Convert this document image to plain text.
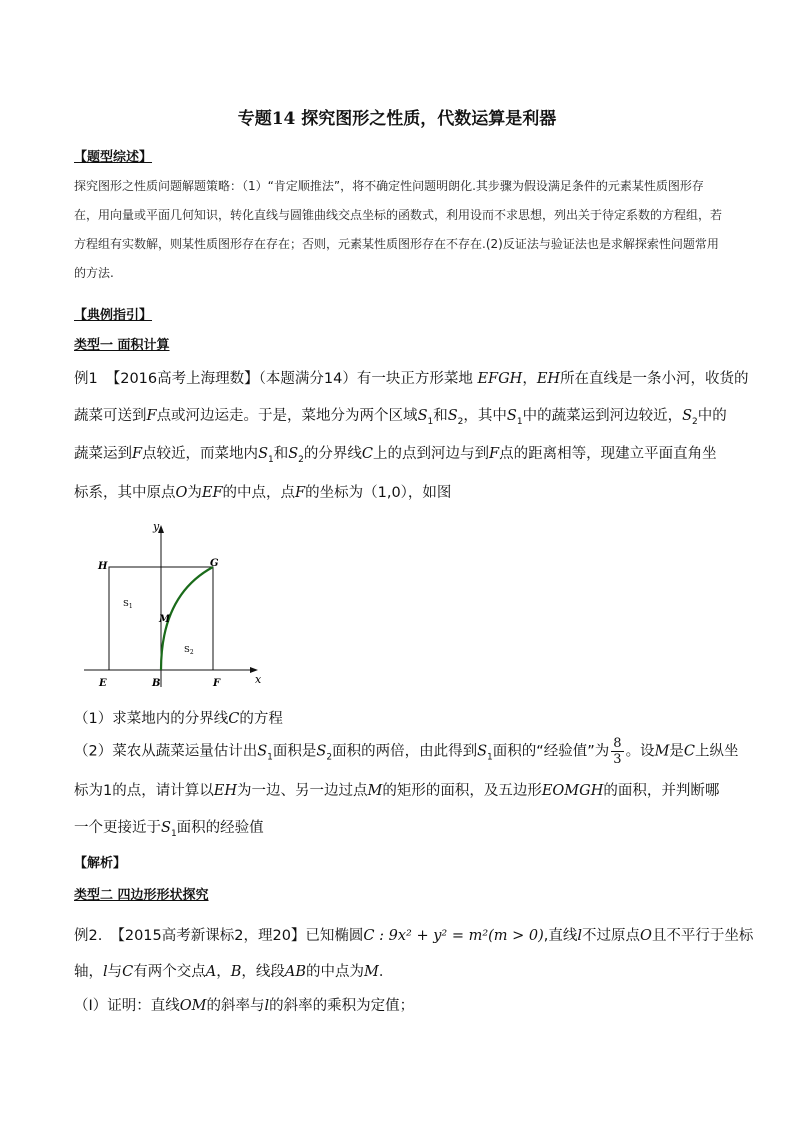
专题14 探究图形之性质，代数运算是利器
【题型综述】
探究图形之性质问题解题策略：（1）“肯定顺推法”，将不确定性问题明朗化.其步骤为假设满足条件的元素某性质图形存在，用向量或平面几何知识，转化直线与圆锥曲线交点坐标的函数式，利用设而不求思想，列出关于待定系数的方程组，若方程组有实数解，则某性质图形存在存在；否则，元素某性质图形存在不存在.(2)反证法与验证法也是求解探索性问题常用的方法.
【典例指引】
类型一 面积计算
例1 【2016高考上海理数】（本题满分14）有一块正方形菜地 EFGH，EH所在直线是一条小河，收货的
蔬菜可送到F点或河边运走。于是，菜地分为两个区域$S_1$和$S_2$，其中$S_1$中的蔬菜运到河边较近，$S_2$中的
蔬菜运到F点较近，而菜地内$S_1$和$S_2$的分界线C上的点到河边与到F点的距离相等，现建立平面直角坐
标系，其中原点O为EF的中点，点F的坐标为（1,0），如图
y
x
H	G
E	B	F
M
$S_1$
$S_2$
（1）求菜地内的分界线C的方程
（2）菜农从蔬菜运量估计出$S_1$面积是$S_2$面积的两倍，由此得到$S_1$面积的“经验值”为 $\frac{8}{3}$ 。设M是C上纵坐
标为1的点，请计算以EH为一边、另一边过点M的矩形的面积，及五边形EOMGH的面积，并判断哪
一个更接近于$S_1$面积的经验值
【解析】
类型二 四边形形状探究
例2. 【2015高考新课标2，理20】已知椭圆C : 9x² + y² = m²(m > 0),直线l不过原点O且不平行于坐标
轴，l与C有两个交点A，B，线段AB的中点为M．
（Ⅰ）证明：直线OM的斜率与l的斜率的乘积为定值；
